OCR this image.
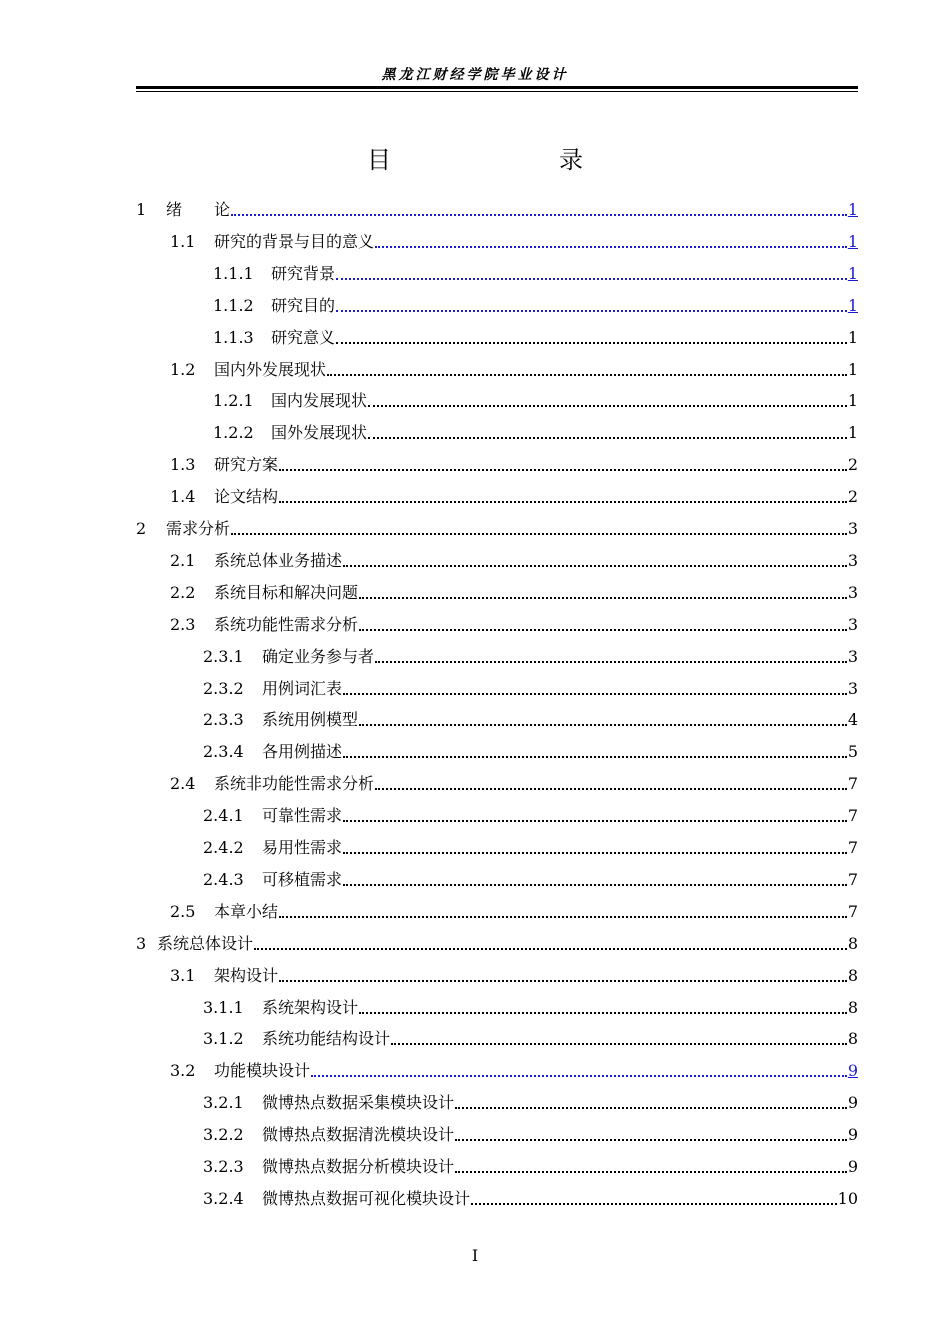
黑龙江财经学院毕业设计
目　　录
1	绪　　论	1
1.1	研究的背景与目的意义	1
1.1.1	研究背景	1
1.1.2	研究目的	1
1.1.3	研究意义	1
1.2	国内外发展现状	1
1.2.1	国内发展现状	1
1.2.2	国外发展现状	1
1.3	研究方案	2
1.4	论文结构	2
2	需求分析	3
2.1	系统总体业务描述	3
2.2	系统目标和解决问题	3
2.3	系统功能性需求分析	3
2.3.1	确定业务参与者	3
2.3.2	用例词汇表	3
2.3.3	系统用例模型	4
2.3.4	各用例描述	5
2.4	系统非功能性需求分析	7
2.4.1	可靠性需求	7
2.4.2	易用性需求	7
2.4.3	可移植需求	7
2.5	本章小结	7
3 系统总体设计	8
3.1	架构设计	8
3.1.1	系统架构设计	8
3.1.2	系统功能结构设计	8
3.2	功能模块设计	9
3.2.1	微博热点数据采集模块设计	9
3.2.2	微博热点数据清洗模块设计	9
3.2.3	微博热点数据分析模块设计	9
3.2.4	微博热点数据可视化模块设计	10
I
